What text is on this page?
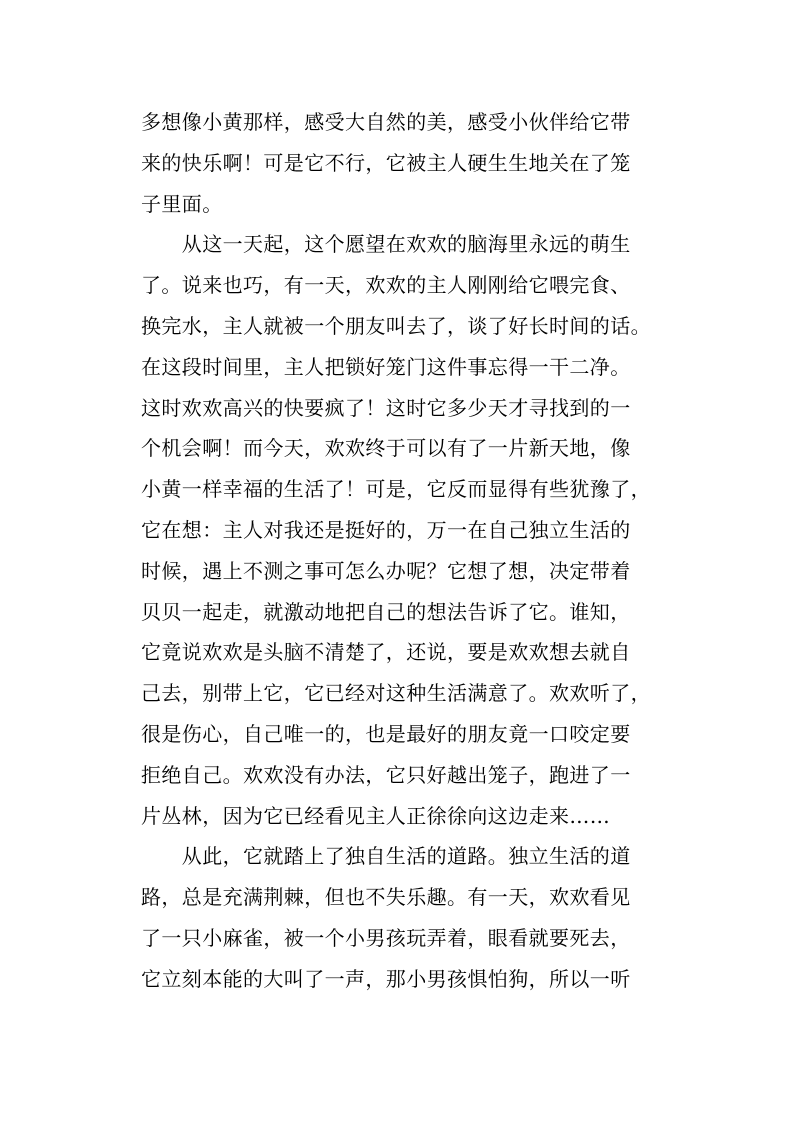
多想像小黄那样，感受大自然的美，感受小伙伴给它带
来的快乐啊！可是它不行，它被主人硬生生地关在了笼
子里面。
　　从这一天起，这个愿望在欢欢的脑海里永远的萌生
了。说来也巧，有一天，欢欢的主人刚刚给它喂完食、
换完水，主人就被一个朋友叫去了，谈了好长时间的话。
在这段时间里，主人把锁好笼门这件事忘得一干二净。
这时欢欢高兴的快要疯了！这时它多少天才寻找到的一
个机会啊！而今天，欢欢终于可以有了一片新天地，像
小黄一样幸福的生活了！可是，它反而显得有些犹豫了，
它在想：主人对我还是挺好的，万一在自己独立生活的
时候，遇上不测之事可怎么办呢？它想了想，决定带着
贝贝一起走，就激动地把自己的想法告诉了它。谁知，
它竟说欢欢是头脑不清楚了，还说，要是欢欢想去就自
己去，别带上它，它已经对这种生活满意了。欢欢听了，
很是伤心，自己唯一的，也是最好的朋友竟一口咬定要
拒绝自己。欢欢没有办法，它只好越出笼子，跑进了一
片丛林，因为它已经看见主人正徐徐向这边走来……
　　从此，它就踏上了独自生活的道路。独立生活的道
路，总是充满荆棘，但也不失乐趣。有一天，欢欢看见
了一只小麻雀，被一个小男孩玩弄着，眼看就要死去，
它立刻本能的大叫了一声，那小男孩惧怕狗，所以一听
